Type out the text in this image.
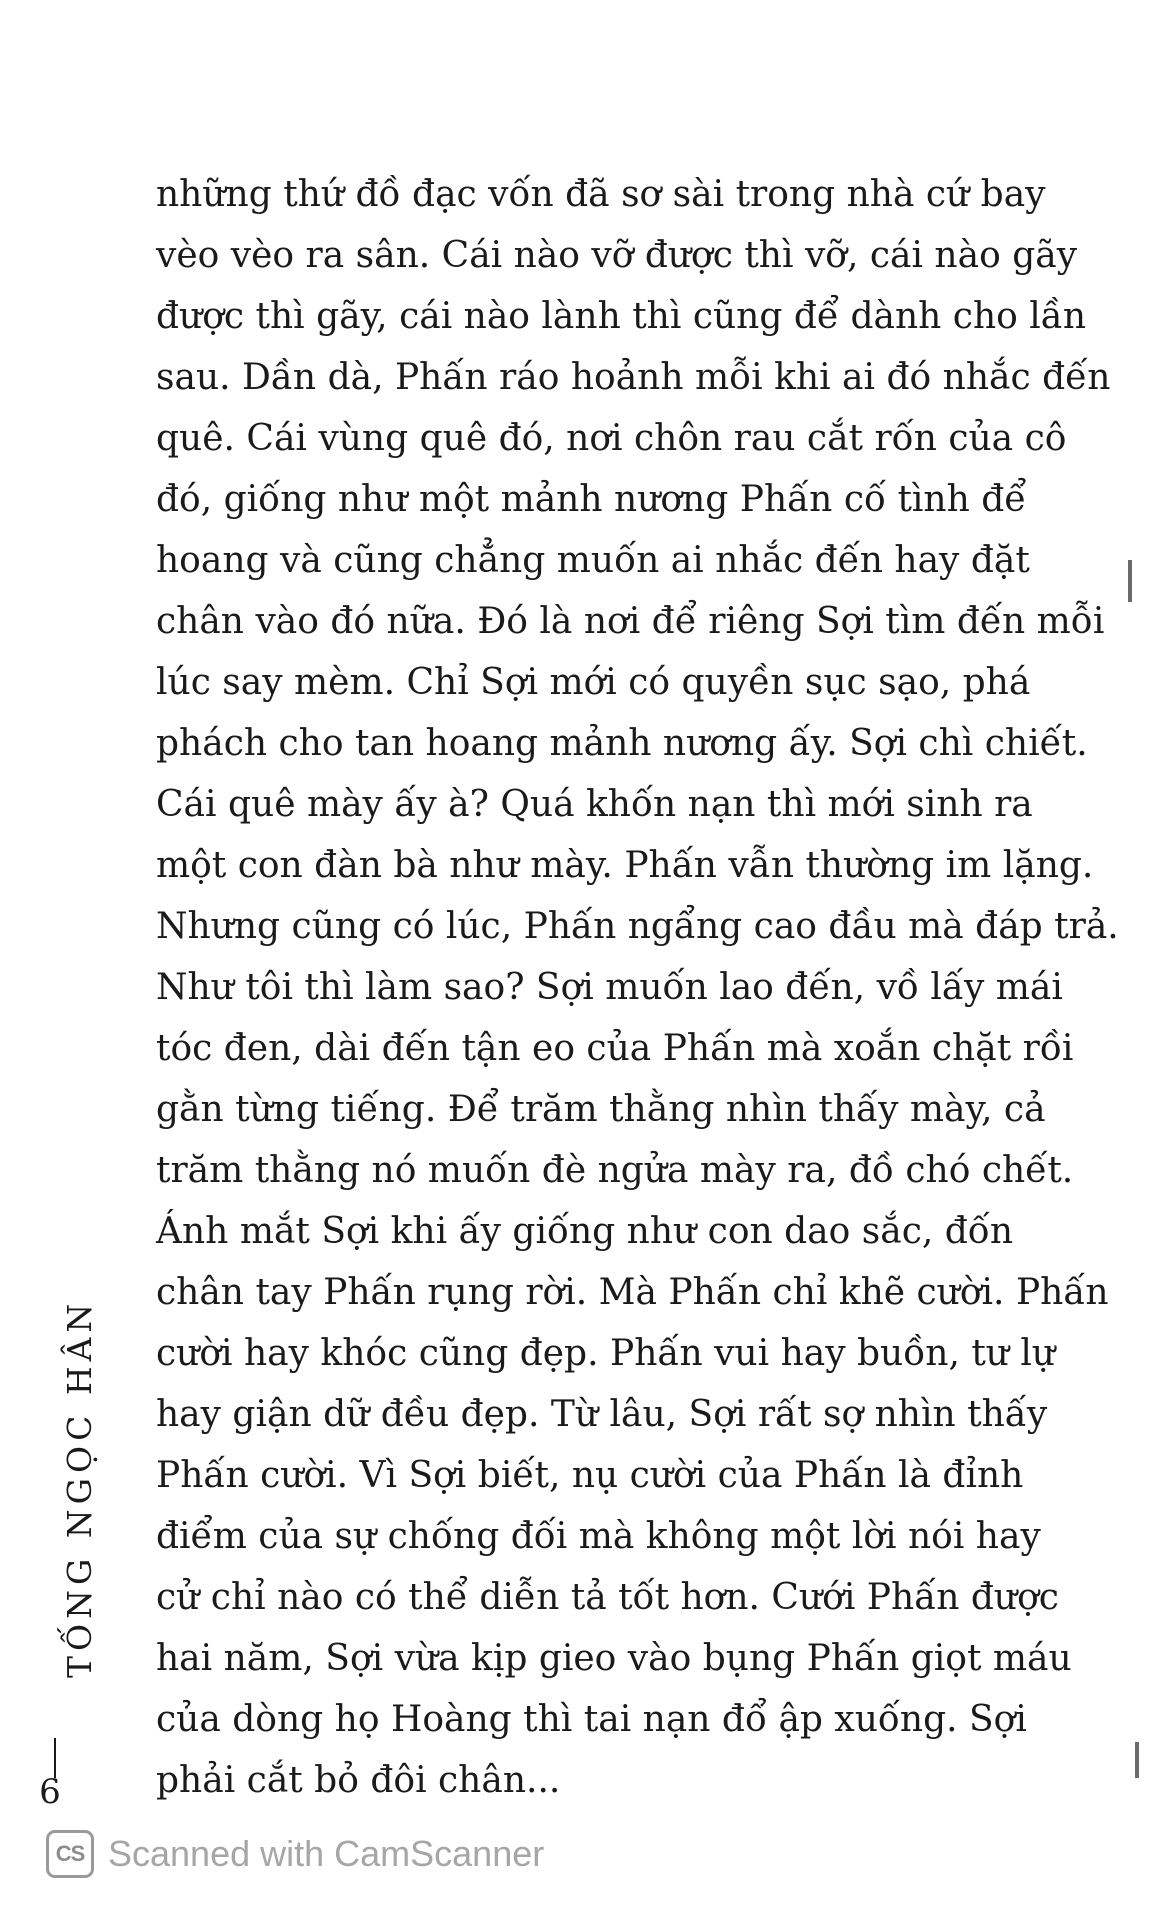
những thứ đồ đạc vốn đã sơ sài trong nhà cứ bay
vèo vèo ra sân. Cái nào vỡ được thì vỡ, cái nào gãy
được thì gãy, cái nào lành thì cũng để dành cho lần
sau. Dần dà, Phấn ráo hoảnh mỗi khi ai đó nhắc đến
quê. Cái vùng quê đó, nơi chôn rau cắt rốn của cô
đó, giống như một mảnh nương Phấn cố tình để
hoang và cũng chẳng muốn ai nhắc đến hay đặt
chân vào đó nữa. Đó là nơi để riêng Sợi tìm đến mỗi
lúc say mèm. Chỉ Sợi mới có quyền sục sạo, phá
phách cho tan hoang mảnh nương ấy. Sợi chì chiết.
Cái quê mày ấy à? Quá khốn nạn thì mới sinh ra
một con đàn bà như mày. Phấn vẫn thường im lặng.
Nhưng cũng có lúc, Phấn ngẩng cao đầu mà đáp trả.
Như tôi thì làm sao? Sợi muốn lao đến, vồ lấy mái
tóc đen, dài đến tận eo của Phấn mà xoắn chặt rồi
gằn từng tiếng. Để trăm thằng nhìn thấy mày, cả
trăm thằng nó muốn đè ngửa mày ra, đồ chó chết.
Ánh mắt Sợi khi ấy giống như con dao sắc, đốn
chân tay Phấn rụng rời. Mà Phấn chỉ khẽ cười. Phấn
cười hay khóc cũng đẹp. Phấn vui hay buồn, tư lự
hay giận dữ đều đẹp. Từ lâu, Sợi rất sợ nhìn thấy
Phấn cười. Vì Sợi biết, nụ cười của Phấn là đỉnh
điểm của sự chống đối mà không một lời nói hay
cử chỉ nào có thể diễn tả tốt hơn. Cưới Phấn được
hai năm, Sợi vừa kịp gieo vào bụng Phấn giọt máu
của dòng họ Hoàng thì tai nạn đổ ập xuống. Sợi
phải cắt bỏ đôi chân...
TỐNG NGỌC HÂN
6
CS Scanned with CamScanner
